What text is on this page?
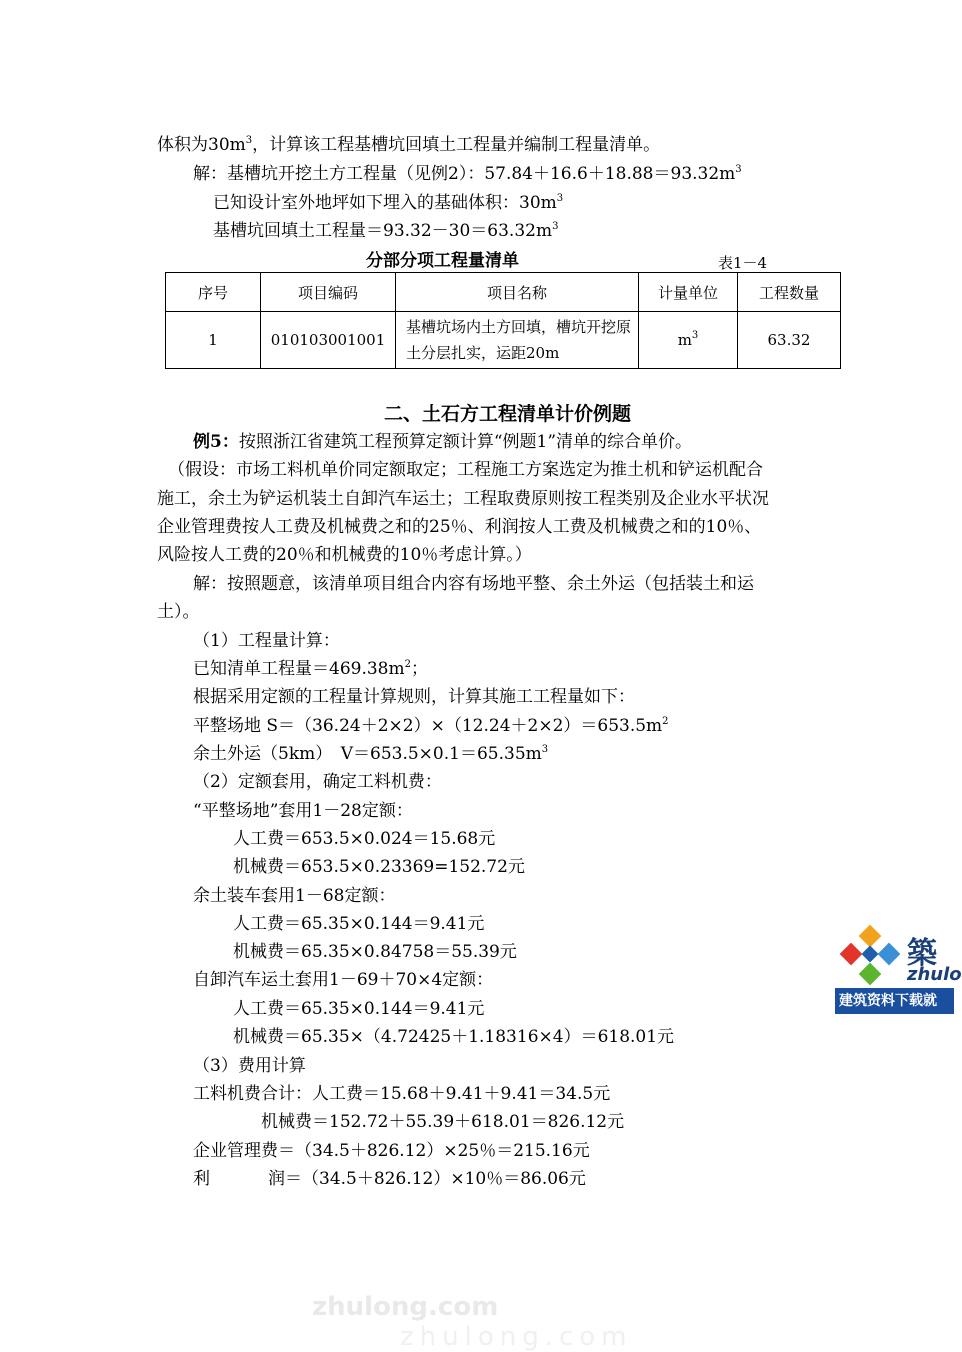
体积为$30m^3$，计算该工程基槽坑回填土工程量并编制工程量清单。
解：基槽坑开挖土方工程量（见例2）：$57.84+16.6+18.88=93.32m^3$
已知设计室外地坪如下埋入的基础体积：$30m^3$
基槽坑回填土工程量$=93.32-30=63.32m^3$
分部分项工程量清单	表1－4
序号	项目编码	项目名称	计量单位	工程数量
1	010103001001	基槽坑场内土方回填，槽坑开挖原土分层扎实，运距20m	$m^3$	63.32
二、土石方工程清单计价例题
例5：按照浙江省建筑工程预算定额计算“例题1”清单的综合单价。
（假设：市场工料机单价同定额取定；工程施工方案选定为推土机和铲运机配合
施工，余土为铲运机装土自卸汽车运土；工程取费原则按工程类别及企业水平状况
企业管理费按人工费及机械费之和的25％、利润按人工费及机械费之和的10％、
风险按人工费的20％和机械费的10％考虑计算。）
解：按照题意，该清单项目组合内容有场地平整、余土外运（包括装土和运
土）。
（1）工程量计算：
已知清单工程量$=469.38m^2$；
根据采用定额的工程量计算规则，计算其施工工程量如下：
平整场地 $S=(36.24+2\times 2)\times(12.24+2\times 2)=653.5m^2$
余土外运（5km）　$V=653.5\times 0.1=65.35m^3$
（2）定额套用，确定工料机费：
“平整场地”套用1－28定额：
人工费＝653.5×0.024＝15.68元
机械费＝653.5×0.23369=152.72元
余土装车套用1－68定额：
人工费＝65.35×0.144＝9.41元
机械费＝65.35×0.84758＝55.39元
自卸汽车运土套用1－69＋70×4定额：
人工费＝65.35×0.144＝9.41元
机械费＝65.35×（4.72425＋1.18316×4）＝618.01元
（3）费用计算
工料机费合计：人工费＝15.68＋9.41＋9.41＝34.5元
机械费＝152.72＋55.39＋618.01＝826.12元
企业管理费＝（34.5＋826.12）×25％＝215.16元
利	润＝（34.5＋826.12）×10％＝86.06元
築
zhulo
建筑资料下载就
zhulong.com
zhulong.com
